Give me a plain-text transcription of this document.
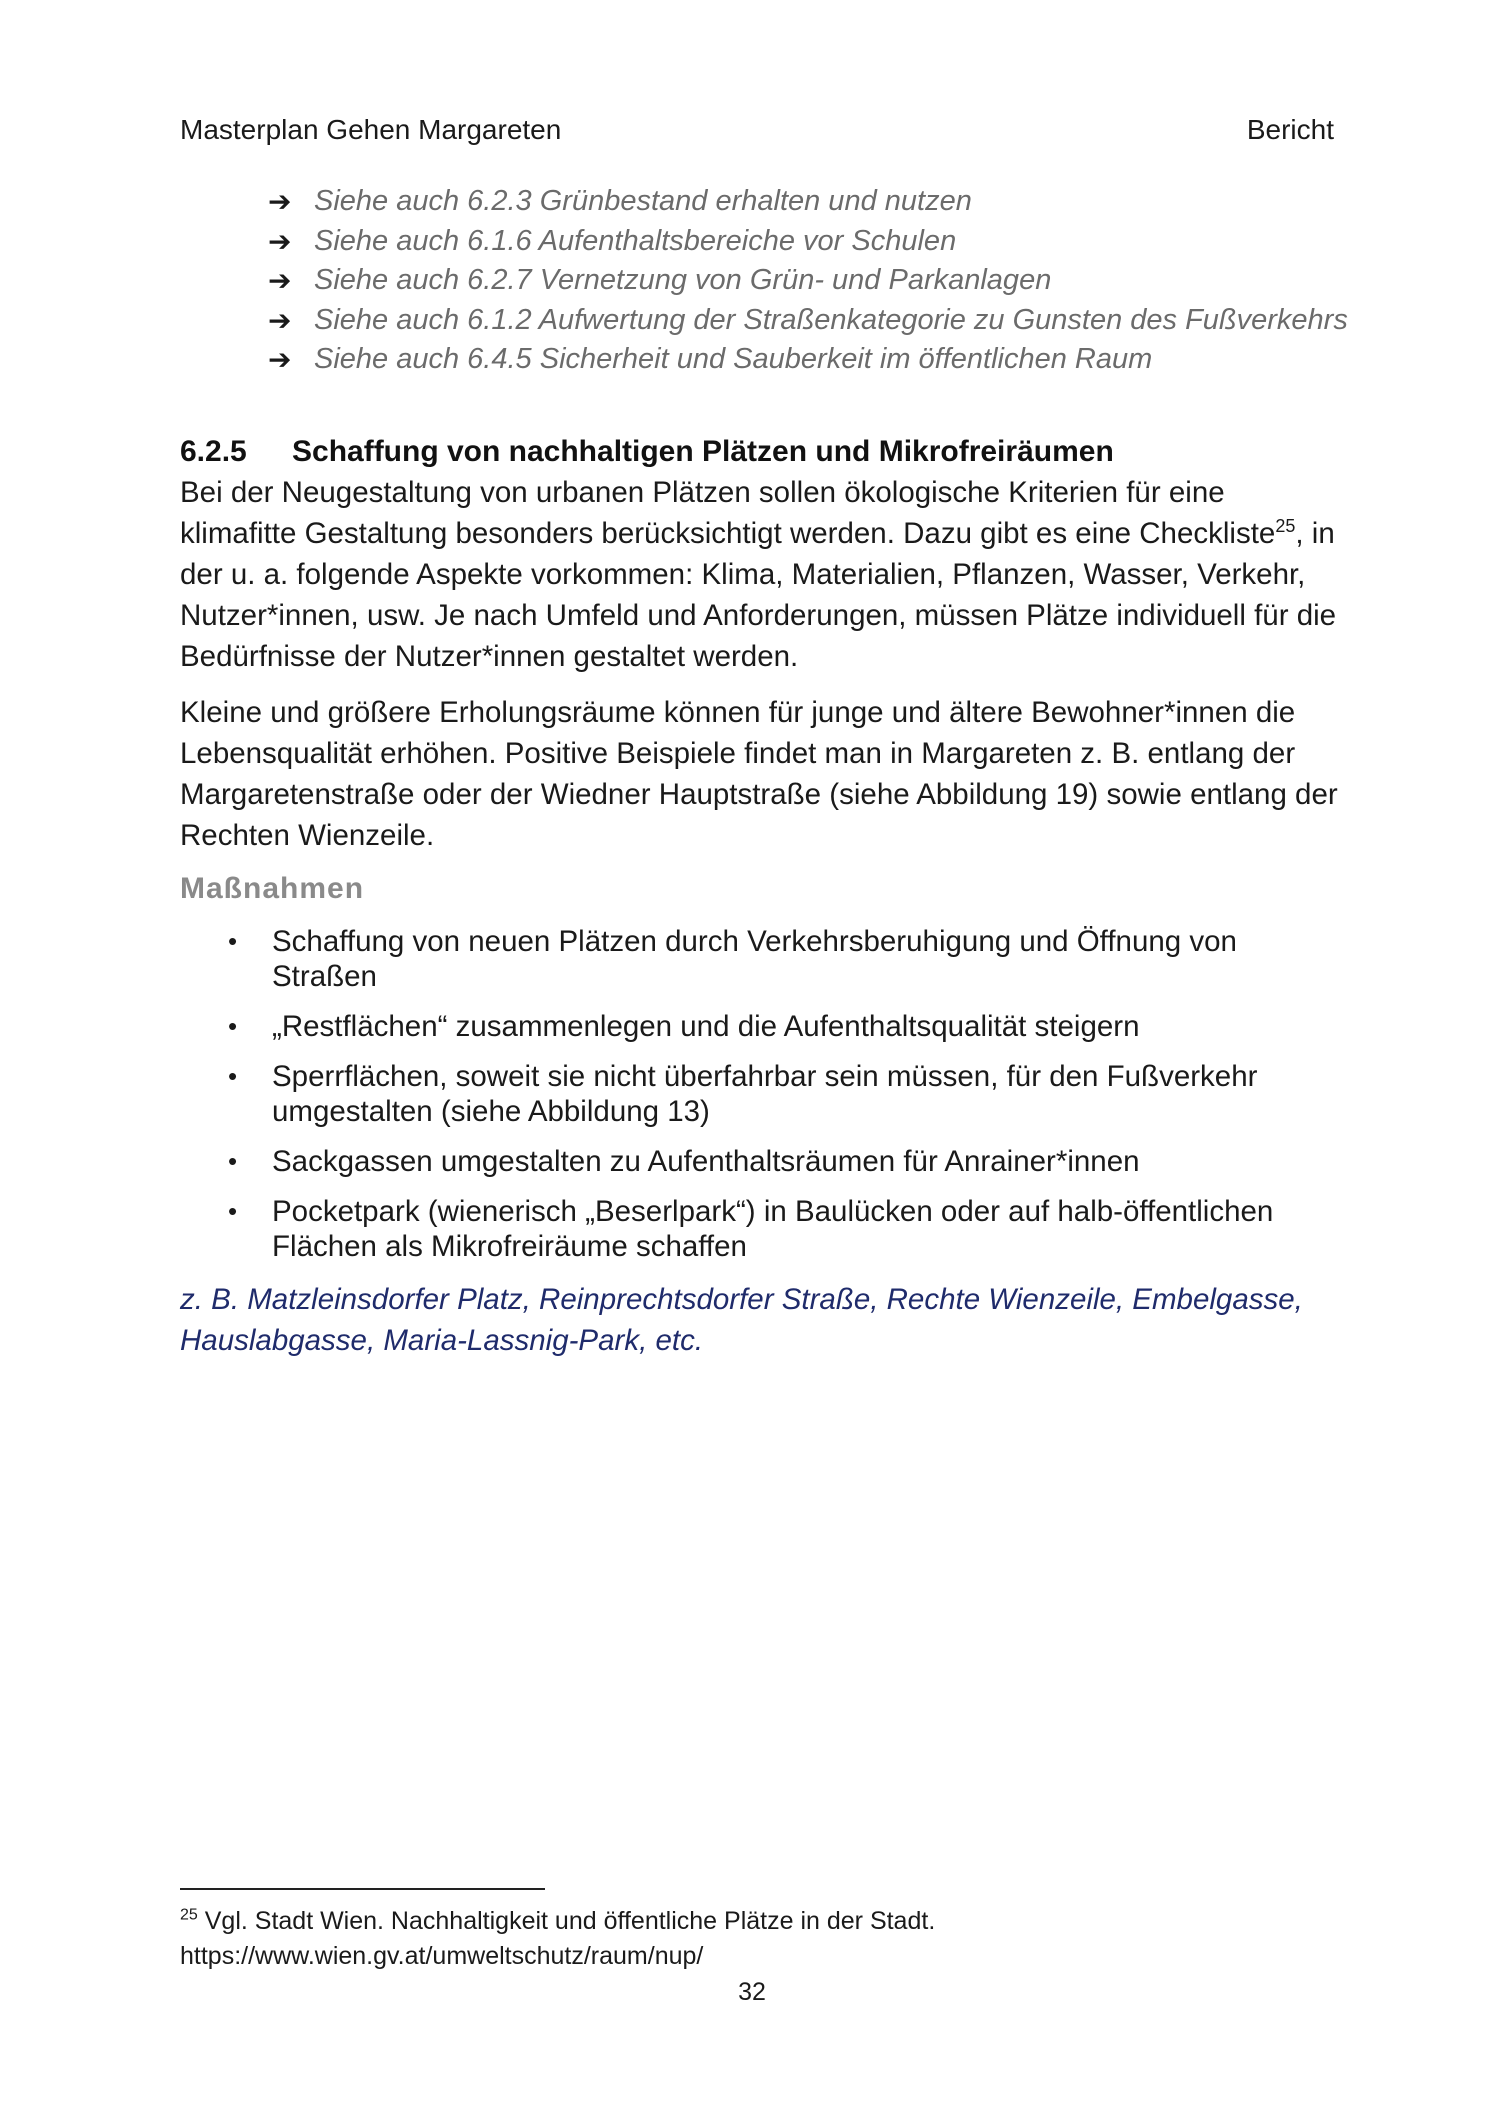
Masterplan Gehen Margareten	Bericht
➔ Siehe auch 6.2.3 Grünbestand erhalten und nutzen
➔ Siehe auch 6.1.6 Aufenthaltsbereiche vor Schulen
➔ Siehe auch 6.2.7 Vernetzung von Grün- und Parkanlagen
➔ Siehe auch 6.1.2 Aufwertung der Straßenkategorie zu Gunsten des Fußverkehrs
➔ Siehe auch 6.4.5 Sicherheit und Sauberkeit im öffentlichen Raum
6.2.5 Schaffung von nachhaltigen Plätzen und Mikrofreiräumen

Bei der Neugestaltung von urbanen Plätzen sollen ökologische Kriterien für eine klimafitte Gestaltung besonders berücksichtigt werden. Dazu gibt es eine Checkliste$^{25}$, in der u. a. folgende Aspekte vorkommen: Klima, Materialien, Pflanzen, Wasser, Verkehr, Nutzer*innen, usw. Je nach Umfeld und Anforderungen, müssen Plätze individuell für die Bedürfnisse der Nutzer*innen gestaltet werden.

Kleine und größere Erholungsräume können für junge und ältere Bewohner*innen die Lebensqualität erhöhen. Positive Beispiele findet man in Margareten z. B. entlang der Margaretenstraße oder der Wiedner Hauptstraße (siehe Abbildung 19) sowie entlang der Rechten Wienzeile.

Maßnahmen
•	Schaffung von neuen Plätzen durch Verkehrsberuhigung und Öffnung von Straßen
•	„Restflächen“ zusammenlegen und die Aufenthaltsqualität steigern
•	Sperrflächen, soweit sie nicht überfahrbar sein müssen, für den Fußverkehr umgestalten (siehe Abbildung 13)
•	Sackgassen umgestalten zu Aufenthaltsräumen für Anrainer*innen
•	Pocketpark (wienerisch „Beserlpark“) in Baulücken oder auf halb-öffentlichen Flächen als Mikrofreiräume schaffen

z. B. Matzleinsdorfer Platz, Reinprechtsdorfer Straße, Rechte Wienzeile, Embelgasse, Hauslabgasse, Maria-Lassnig-Park, etc.

$^{25}$ Vgl. Stadt Wien. Nachhaltigkeit und öffentliche Plätze in der Stadt.
https://www.wien.gv.at/umweltschutz/raum/nup/
32
